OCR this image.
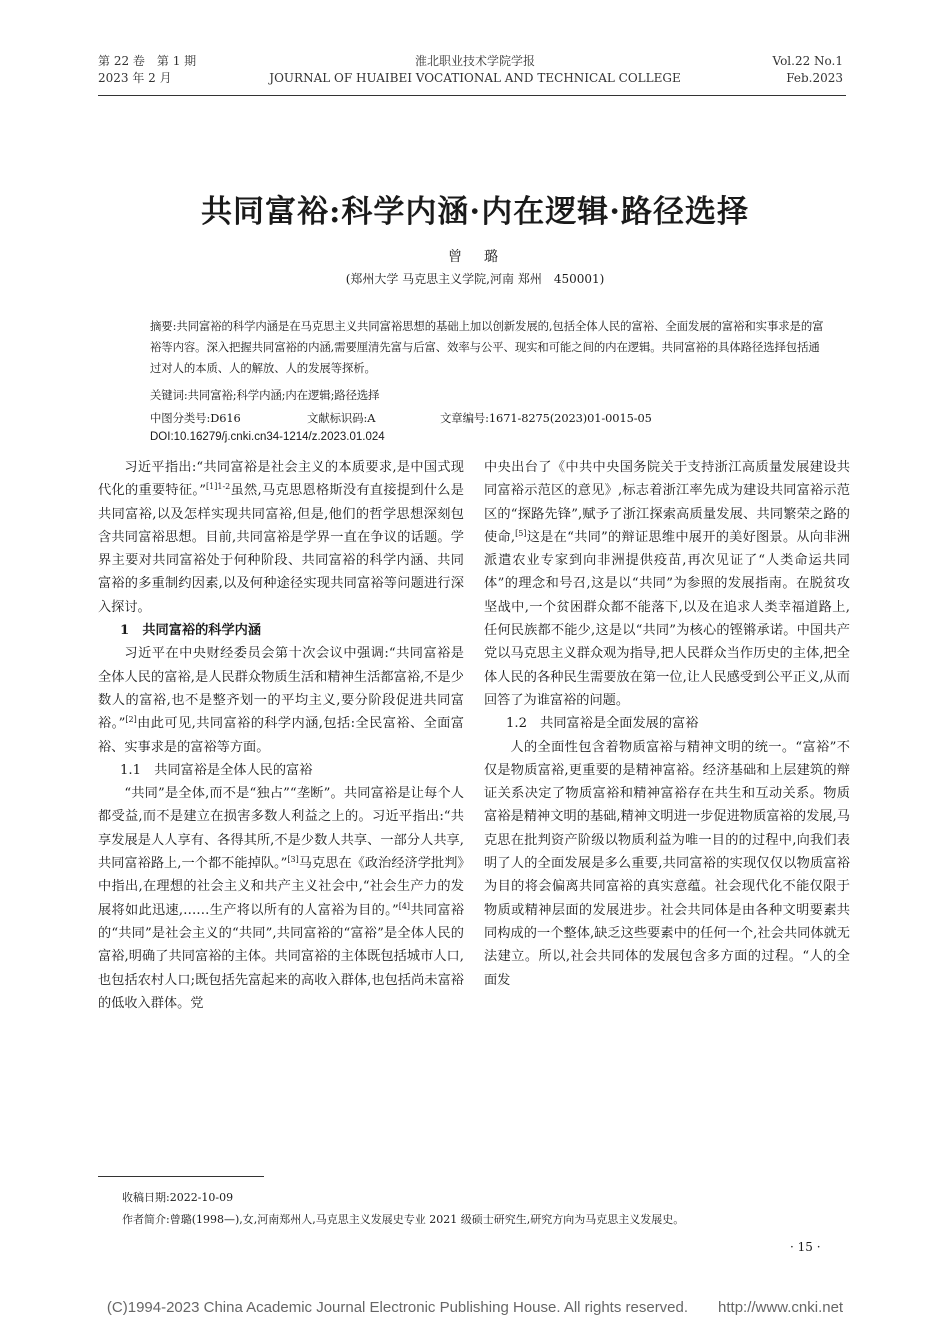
第 22 卷　第 1 期
2023 年 2 月
淮北职业技术学院学报
JOURNAL OF HUAIBEI VOCATIONAL AND TECHNICAL COLLEGE
Vol.22 No.1
Feb.2023
共同富裕:科学内涵·内在逻辑·路径选择
曾　璐
(郑州大学 马克思主义学院,河南 郑州　450001)
摘要:共同富裕的科学内涵是在马克思主义共同富裕思想的基础上加以创新发展的,包括全体人民的富裕、全面发展的富裕和实事求是的富裕等内容。深入把握共同富裕的内涵,需要厘清先富与后富、效率与公平、现实和可能之间的内在逻辑。共同富裕的具体路径选择包括通过对人的本质、人的解放、人的发展等探析。
关键词:共同富裕;科学内涵;内在逻辑;路径选择
中图分类号:D616	文献标识码:A	文章编号:1671-8275(2023)01-0015-05
DOI:10.16279/j.cnki.cn34-1214/z.2023.01.024

习近平指出:“共同富裕是社会主义的本质要求,是中国式现代化的重要特征。”$^{[1]1-2}$虽然,马克思恩格斯没有直接提到什么是共同富裕,以及怎样实现共同富裕,但是,他们的哲学思想深刻包含共同富裕思想。目前,共同富裕是学界一直在争议的话题。学界主要对共同富裕处于何种阶段、共同富裕的科学内涵、共同富裕的多重制约因素,以及何种途径实现共同富裕等问题进行深入探讨。

1　共同富裕的科学内涵

习近平在中央财经委员会第十次会议中强调:“共同富裕是全体人民的富裕,是人民群众物质生活和精神生活都富裕,不是少数人的富裕,也不是整齐划一的平均主义,要分阶段促进共同富裕。”[2]由此可见,共同富裕的科学内涵,包括:全民富裕、全面富裕、实事求是的富裕等方面。

1.1　共同富裕是全体人民的富裕

“共同”是全体,而不是“独占”“垄断”。共同富裕是让每个人都受益,而不是建立在损害多数人利益之上的。习近平指出:“共享发展是人人享有、各得其所,不是少数人共享、一部分人共享,共同富裕路上,一个都不能掉队。”[3]马克思在《政治经济学批判》中指出,在理想的社会主义和共产主义社会中,“社会生产力的发展将如此迅速,……生产将以所有的人富裕为目的。”[4]共同富裕的“共同”是社会主义的“共同”,共同富裕的“富裕”是全体人民的富裕,明确了共同富裕的主体。共同富裕的主体既包括城市人口,也包括农村人口;既包括先富起来的高收入群体,也包括尚未富裕的低收入群体。党

中央出台了《中共中央国务院关于支持浙江高质量发展建设共同富裕示范区的意见》,标志着浙江率先成为建设共同富裕示范区的“探路先锋”,赋予了浙江探索高质量发展、共同繁荣之路的使命,[5]这是在“共同”的辩证思维中展开的美好图景。从向非洲派遣农业专家到向非洲提供疫苗,再次见证了“人类命运共同体”的理念和号召,这是以“共同”为参照的发展指南。在脱贫攻坚战中,一个贫困群众都不能落下,以及在追求人类幸福道路上,任何民族都不能少,这是以“共同”为核心的铿锵承诺。中国共产党以马克思主义群众观为指导,把人民群众当作历史的主体,把全体人民的各种民生需要放在第一位,让人民感受到公平正义,从而回答了为谁富裕的问题。

1.2　共同富裕是全面发展的富裕

人的全面性包含着物质富裕与精神文明的统一。“富裕”不仅是物质富裕,更重要的是精神富裕。经济基础和上层建筑的辩证关系决定了物质富裕和精神富裕存在共生和互动关系。物质富裕是精神文明的基础,精神文明进一步促进物质富裕的发展,马克思在批判资产阶级以物质利益为唯一目的的过程中,向我们表明了人的全面发展是多么重要,共同富裕的实现仅仅以物质富裕为目的将会偏离共同富裕的真实意蕴。社会现代化不能仅限于物质或精神层面的发展进步。社会共同体是由各种文明要素共同构成的一个整体,缺乏这些要素中的任何一个,社会共同体就无法建立。所以,社会共同体的发展包含多方面的过程。“人的全面发

收稿日期:2022-10-09
作者简介:曾璐(1998—),女,河南郑州人,马克思主义发展史专业 2021 级硕士研究生,研究方向为马克思主义发展史。
· 15 ·
(C)1994-2023 China Academic Journal Electronic Publishing House. All rights reserved.　　http://www.cnki.net
